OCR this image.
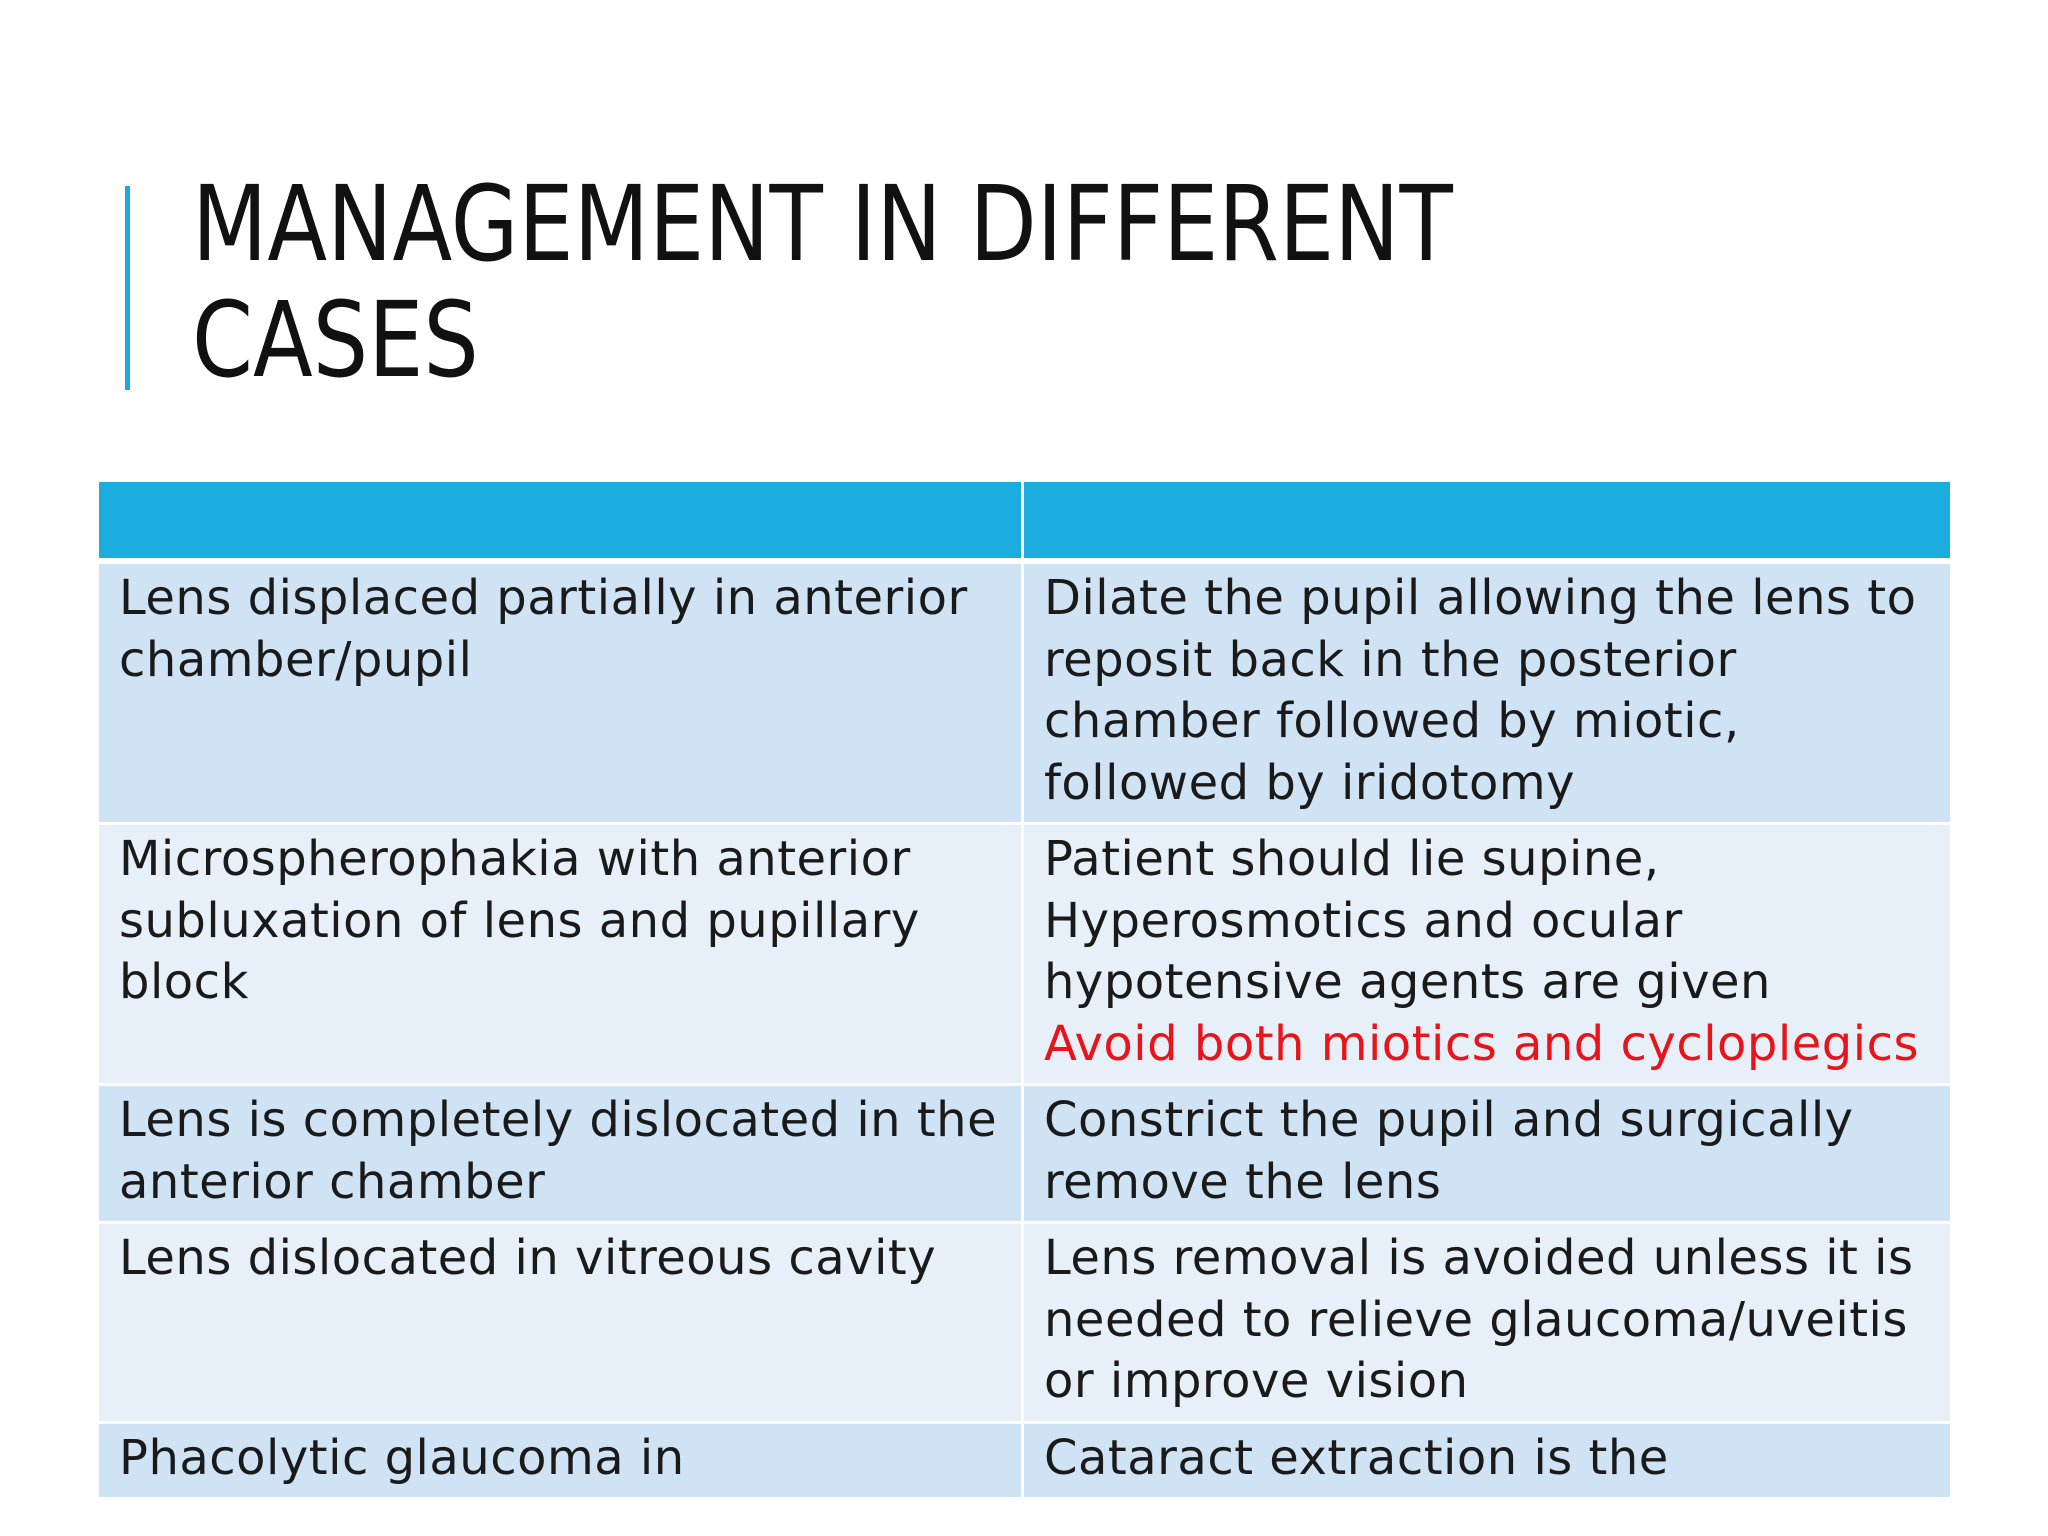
MANAGEMENT IN DIFFERENT
CASES

Lens displaced partially in anterior chamber/pupil	Dilate the pupil allowing the lens to reposit back in the posterior chamber followed by miotic, followed by iridotomy
Microspherophakia with anterior subluxation of lens and pupillary block	Patient should lie supine, Hyperosmotics and ocular hypotensive agents are given
Avoid both miotics and cycloplegics

Lens is completely dislocated in the anterior chamber	Constrict the pupil and surgically remove the lens
Lens dislocated in vitreous cavity	Lens removal is avoided unless it is needed to relieve glaucoma/uveitis or improve vision
Phacolytic glaucoma in	Cataract extraction is the
